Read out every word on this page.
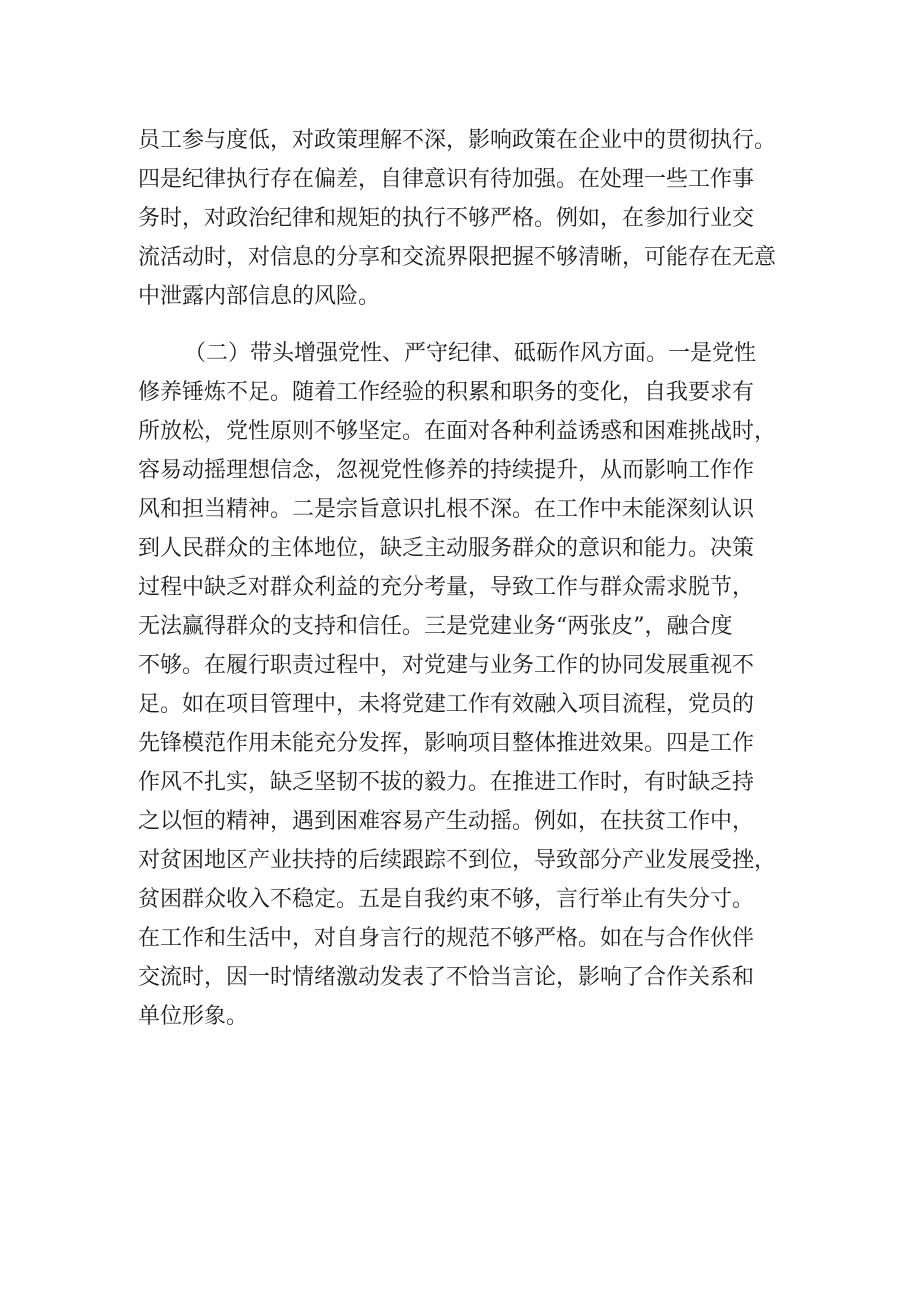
员工参与度低，对政策理解不深，影响政策在企业中的贯彻执行。
四是纪律执行存在偏差，自律意识有待加强。在处理一些工作事
务时，对政治纪律和规矩的执行不够严格。例如，在参加行业交
流活动时，对信息的分享和交流界限把握不够清晰，可能存在无意
中泄露内部信息的风险。
（二）带头增强党性、严守纪律、砥砺作风方面。一是党性
修养锤炼不足。随着工作经验的积累和职务的变化，自我要求有
所放松，党性原则不够坚定。在面对各种利益诱惑和困难挑战时，
容易动摇理想信念，忽视党性修养的持续提升，从而影响工作作
风和担当精神。二是宗旨意识扎根不深。在工作中未能深刻认识
到人民群众的主体地位，缺乏主动服务群众的意识和能力。决策
过程中缺乏对群众利益的充分考量，导致工作与群众需求脱节，
无法赢得群众的支持和信任。三是党建业务“两张皮”，融合度
不够。在履行职责过程中，对党建与业务工作的协同发展重视不
足。如在项目管理中，未将党建工作有效融入项目流程，党员的
先锋模范作用未能充分发挥，影响项目整体推进效果。四是工作
作风不扎实，缺乏坚韧不拔的毅力。在推进工作时，有时缺乏持
之以恒的精神，遇到困难容易产生动摇。例如，在扶贫工作中，
对贫困地区产业扶持的后续跟踪不到位，导致部分产业发展受挫，
贫困群众收入不稳定。五是自我约束不够，言行举止有失分寸。
在工作和生活中，对自身言行的规范不够严格。如在与合作伙伴
交流时，因一时情绪激动发表了不恰当言论，影响了合作关系和
单位形象。
